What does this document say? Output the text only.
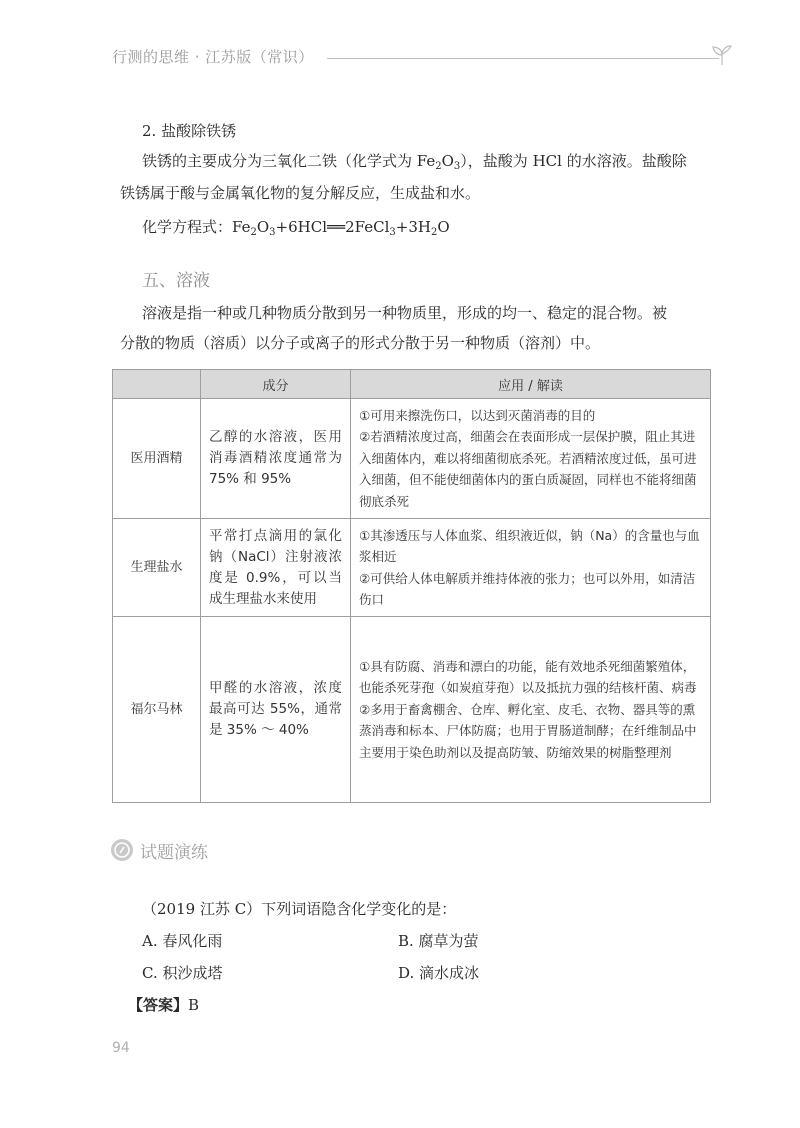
行测的思维 · 江苏版（常识）
2. 盐酸除铁锈
铁锈的主要成分为三氧化二铁（化学式为 $Fe_2O_3$），盐酸为 HCl 的水溶液。盐酸除
铁锈属于酸与金属氧化物的复分解反应，生成盐和水。
化学方程式：$Fe_2O_3+6HCl══2FeCl_3+3H_2O$
五、溶液
溶液是指一种或几种物质分散到另一种物质里，形成的均一、稳定的混合物。被
分散的物质（溶质）以分子或离子的形式分散于另一种物质（溶剂）中。
	成分	应用 / 解读
医用酒精	乙醇的水溶液，医用消毒酒精浓度通常为75% 和 95%	①可用来擦洗伤口，以达到灭菌消毒的目的
②若酒精浓度过高，细菌会在表面形成一层保护膜，阻止其进入细菌体内，难以将细菌彻底杀死。若酒精浓度过低，虽可进入细菌，但不能使细菌体内的蛋白质凝固，同样也不能将细菌彻底杀死

生理盐水	平常打点滴用的氯化钠（NaCl）注射液浓度是 0.9%，可以当成生理盐水来使用	①其渗透压与人体血浆、组织液近似，钠（Na）的含量也与血浆相近
②可供给人体电解质并维持体液的张力；也可以外用，如清洁伤口

福尔马林	甲醛的水溶液，浓度最高可达 55%，通常是 35% ～ 40%	①具有防腐、消毒和漂白的功能，能有效地杀死细菌繁殖体，也能杀死芽孢（如炭疽芽孢）以及抵抗力强的结核杆菌、病毒
②多用于畜禽棚舍、仓库、孵化室、皮毛、衣物、器具等的熏蒸消毒和标本、尸体防腐；也用于胃肠道制酵；在纤维制品中主要用于染色助剂以及提高防皱、防缩效果的树脂整理剂
试题演练
（2019 江苏 C）下列词语隐含化学变化的是：
A. 春风化雨	B. 腐草为萤
C. 积沙成塔	D. 滴水成冰
【答案】B
94
